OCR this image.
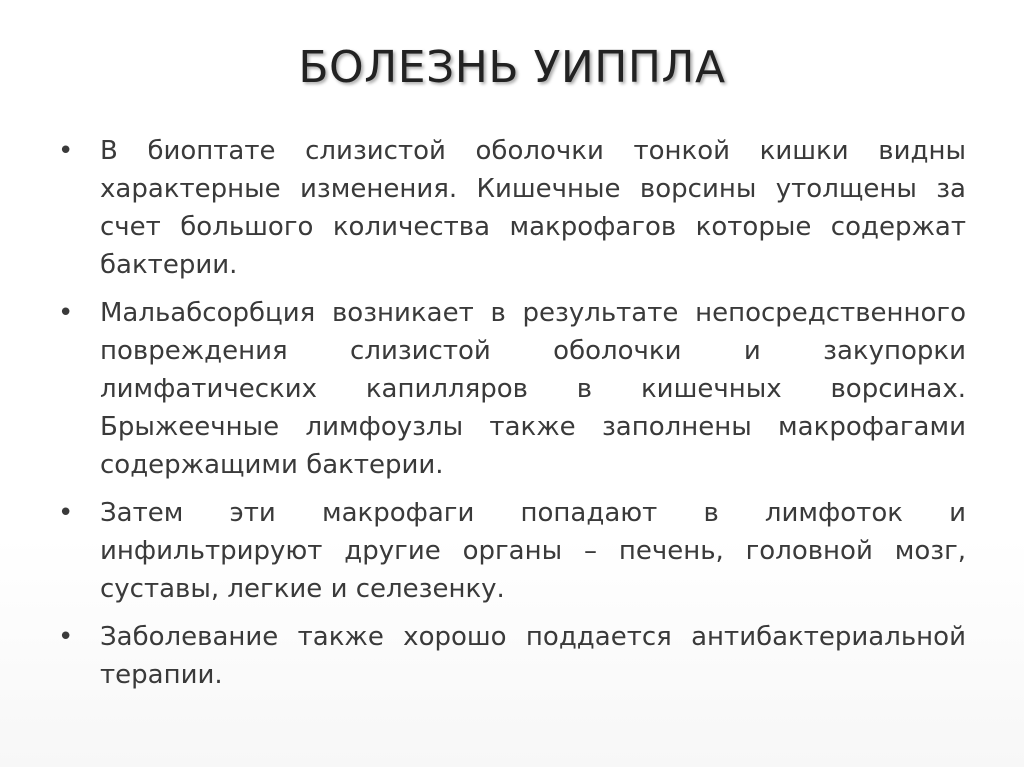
БОЛЕЗНЬ УИППЛА
• В биоптате слизистой оболочки тонкой кишки видны характерные изменения. Кишечные ворсины утолщены за счет большого количества макрофагов которые содержат бактерии.
• Мальабсорбция возникает в результате непосредственного повреждения слизистой оболочки и закупорки лимфатических капилляров в кишечных ворсинах. Брыжеечные лимфоузлы также заполнены макрофагами содержащими бактерии.
• Затем эти макрофаги попадают в лимфоток и инфильтрируют другие органы – печень, головной мозг, суставы, легкие и селезенку.
• Заболевание также хорошо поддается антибактериальной терапии.
